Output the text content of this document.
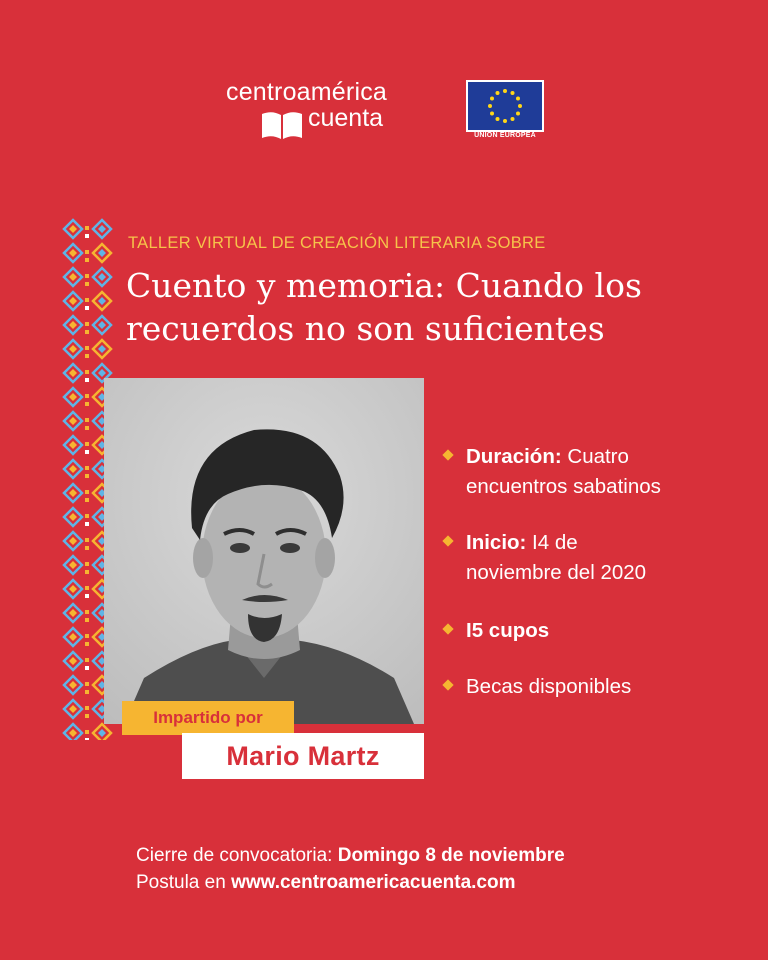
centroamérica
cuenta
UNIÓN EUROPEA
TALLER VIRTUAL DE CREACIÓN LITERARIA SOBRE
Cuento y memoria: Cuando los
recuerdos no son suficientes
Impartido por
Mario Martz
Duración: Cuatro
encuentros sabatinos
Inicio: I4 de
noviembre del 2020
I5 cupos
Becas disponibles
Cierre de convocatoria: Domingo 8 de noviembre
Postula en www.centroamericacuenta.com
